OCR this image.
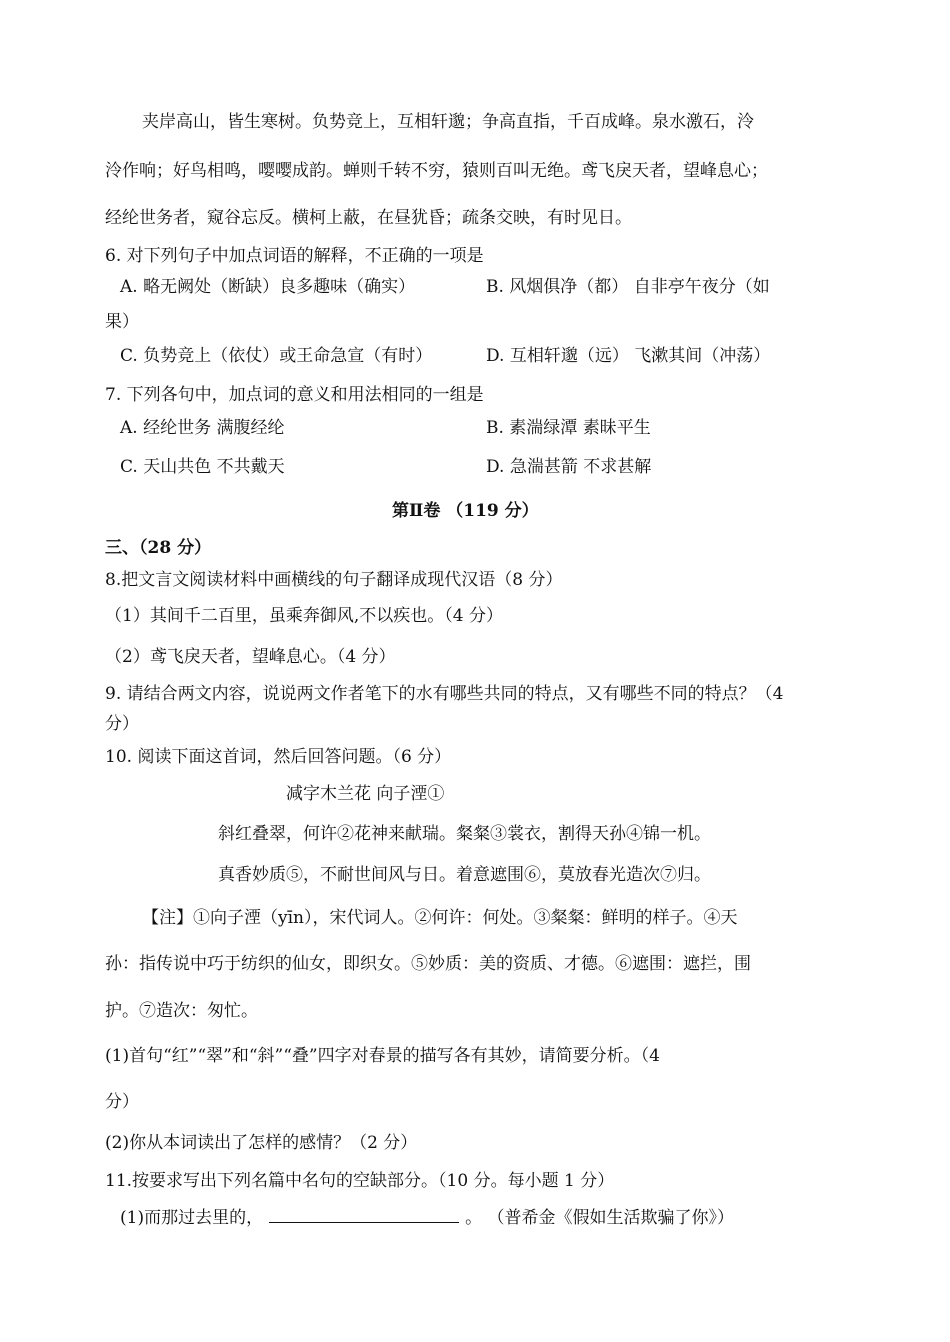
夹岸高山，皆生寒树。负势竞上，互相轩邈；争高直指，千百成峰。泉水激石，泠
泠作响；好鸟相鸣，嘤嘤成韵。蝉则千转不穷，猿则百叫无绝。鸢飞戾天者，望峰息心；
经纶世务者，窥谷忘反。横柯上蔽，在昼犹昏；疏条交映，有时见日。
6. 对下列句子中加点词语的解释，不正确的一项是
A. 略无阙处（断缺）良多趣味（确实）	B. 风烟俱净（都） 自非亭午夜分（如
果）
C. 负势竞上（依仗）或王命急宣（有时）	D. 互相轩邈（远） 飞漱其间（冲荡）
7. 下列各句中，加点词的意义和用法相同的一组是
A. 经纶世务 满腹经纶	B. 素湍绿潭 素昧平生
C. 天山共色 不共戴天	D. 急湍甚箭 不求甚解
第Ⅱ卷 （119 分）
三、（28 分）
8.把文言文阅读材料中画横线的句子翻译成现代汉语（8 分）
（1）其间千二百里，虽乘奔御风,不以疾也。（4 分）
（2）鸢飞戾天者，望峰息心。（4 分）
9. 请结合两文内容，说说两文作者笔下的水有哪些共同的特点，又有哪些不同的特点？（4
分）
10. 阅读下面这首词，然后回答问题。（6 分）
减字木兰花 向子湮①
斜红叠翠，何许②花神来献瑞。粲粲③裳衣，割得天孙④锦一机。
真香妙质⑤，不耐世间风与日。着意遮围⑥，莫放春光造次⑦归。
【注】①向子湮（yīn），宋代词人。②何许：何处。③粲粲：鲜明的样子。④天
孙：指传说中巧于纺织的仙女，即织女。⑤妙质：美的资质、才德。⑥遮围：遮拦，围
护。⑦造次：匆忙。
(1)首句“红”“翠”和“斜”“叠”四字对春景的描写各有其妙，请简要分析。（4
分）
(2)你从本词读出了怎样的感情？（2 分）
11.按要求写出下列名篇中名句的空缺部分。（10 分。每小题 1 分）
(1)而那过去里的，	。 （普希金《假如生活欺骗了你》）
